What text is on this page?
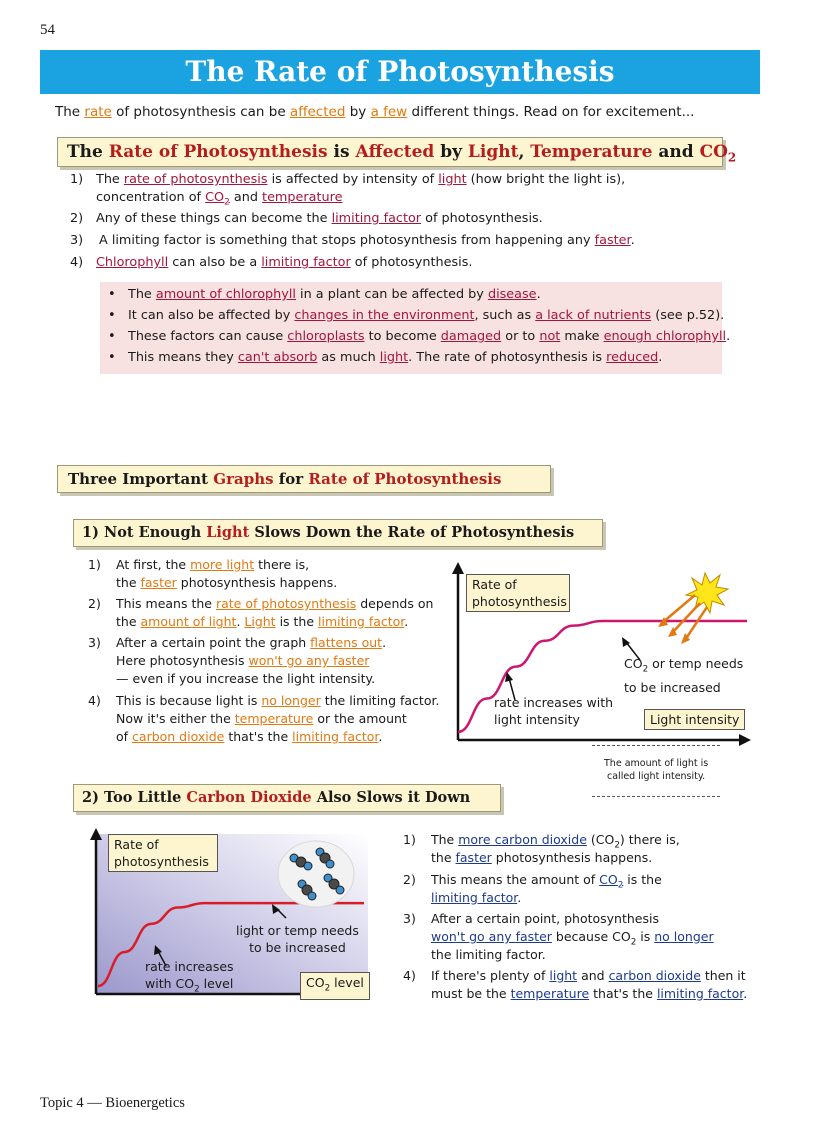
54
The Rate of Photosynthesis
The rate of photosynthesis can be affected by a few different things. Read on for excitement...
The Rate of Photosynthesis is Affected by Light, Temperature and $CO_2$
1) The rate of photosynthesis is affected by intensity of light (how bright the light is),
concentration of $CO_2$ and temperature
2) Any of these things can become the limiting factor of photosynthesis.
3) A limiting factor is something that stops photosynthesis from happening any faster.
4) Chlorophyll can also be a limiting factor of photosynthesis.
• The amount of chlorophyll in a plant can be affected by disease.
• It can also be affected by changes in the environment, such as a lack of nutrients (see p.52).
• These factors can cause chloroplasts to become damaged or to not make enough chlorophyll.
• This means they can't absorb as much light. The rate of photosynthesis is reduced.
Three Important Graphs for Rate of Photosynthesis
1) Not Enough Light Slows Down the Rate of Photosynthesis
1) At first, the more light there is,
the faster photosynthesis happens.
2) This means the rate of photosynthesis depends on
the amount of light. Light is the limiting factor.
3) After a certain point the graph flattens out.
Here photosynthesis won't go any faster
— even if you increase the light intensity.
4) This is because light is no longer the limiting factor.
Now it's either the temperature or the amount
of carbon dioxide that's the limiting factor.
Rate of photosynthesis
Light intensity
$CO_2$ or temp needs
to be increased
rate increases with
light intensity
The amount of light is
called light intensity.
2) Too Little Carbon Dioxide Also Slows it Down
Rate of
photosynthesis
$CO_2$ level
light or temp needs
to be increased
rate increases
with $CO_2$ level
1) The more carbon dioxide $(CO_2)$ there is,
the faster photosynthesis happens.
2) This means the amount of $CO_2$ is the
limiting factor.
3) After a certain point, photosynthesis
won't go any faster because $CO_2$ is no longer
the limiting factor.
4) If there's plenty of light and carbon dioxide then it
must be the temperature that's the limiting factor.
Topic 4 — Bioenergetics
